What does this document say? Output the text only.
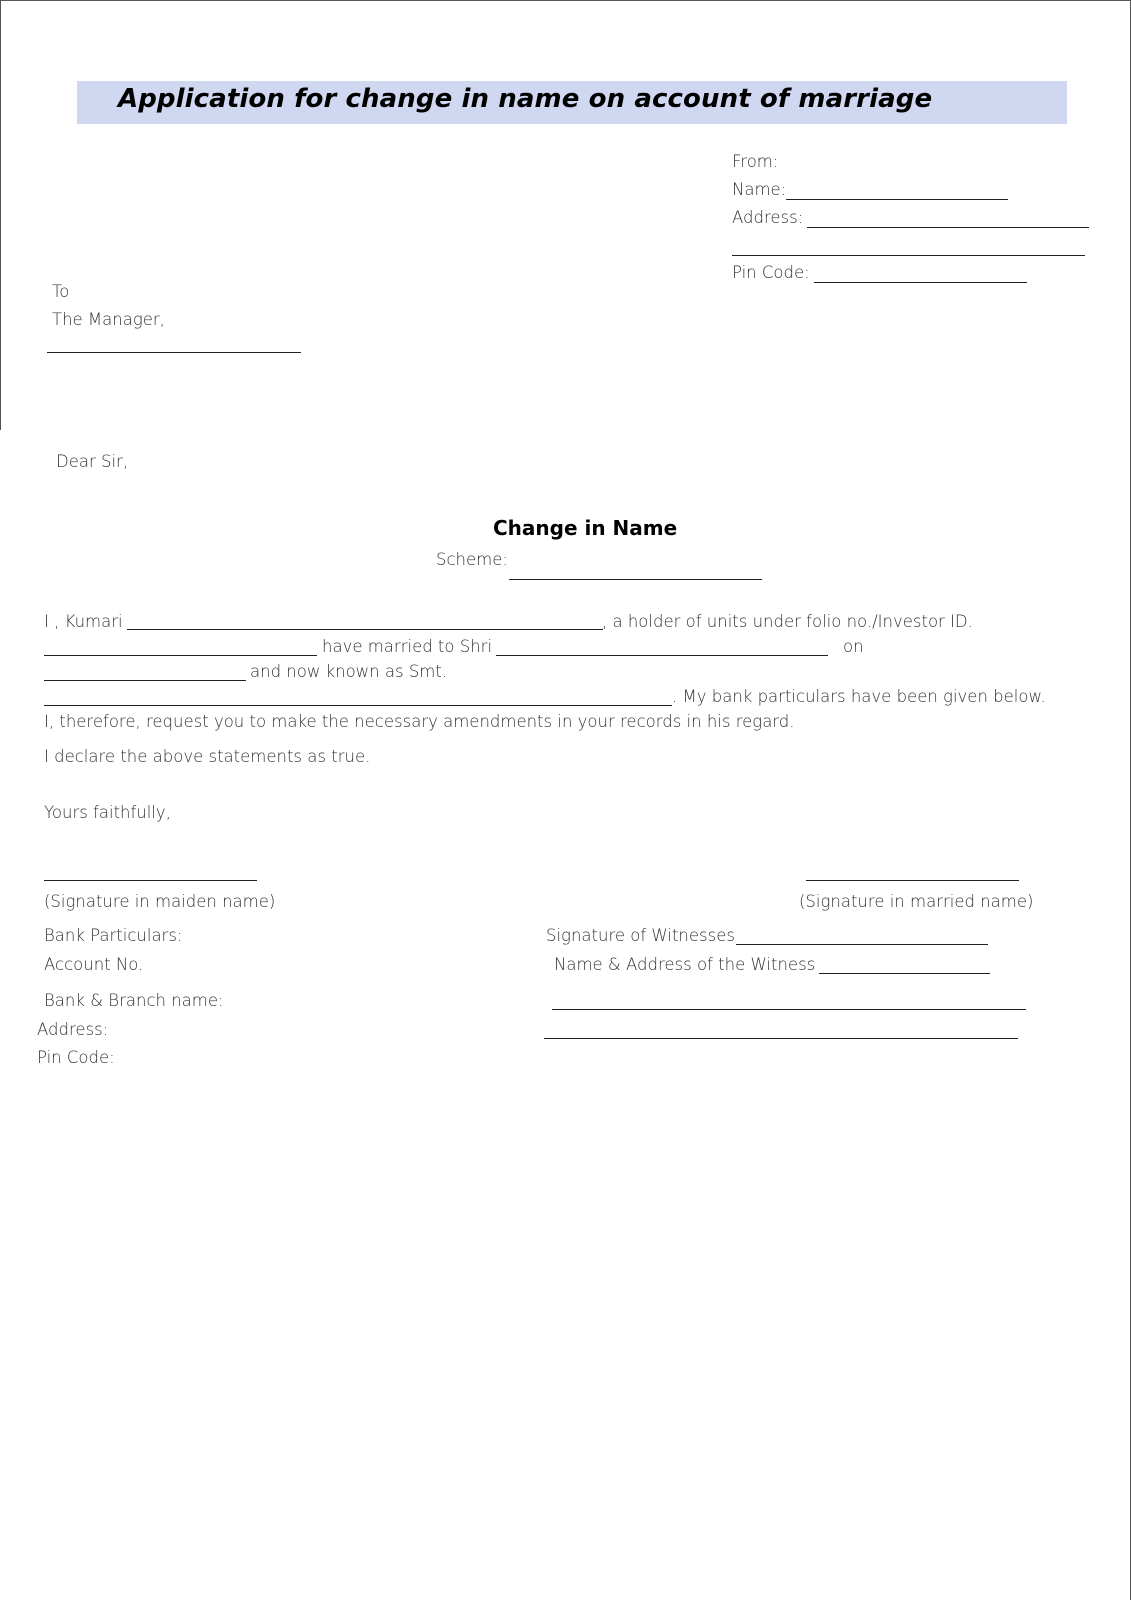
Application for change in name on account of marriage
From:
Name:
Address:
Pin Code:
To
The Manager,
Dear Sir,
Change in Name
Scheme:
I , Kumari	, a holder of units under folio no./Investor ID.
have married to Shri	on
and now known as Smt.
. My bank particulars have been given below.
I, therefore, request you to make the necessary amendments in your records in his regard.
I declare the above statements as true.
Yours faithfully,
(Signature in maiden name)	(Signature in married name)
Bank Particulars:
Account No.
Bank & Branch name:
Address:
Pin Code:
Signature of Witnesses
Name & Address of the Witness
